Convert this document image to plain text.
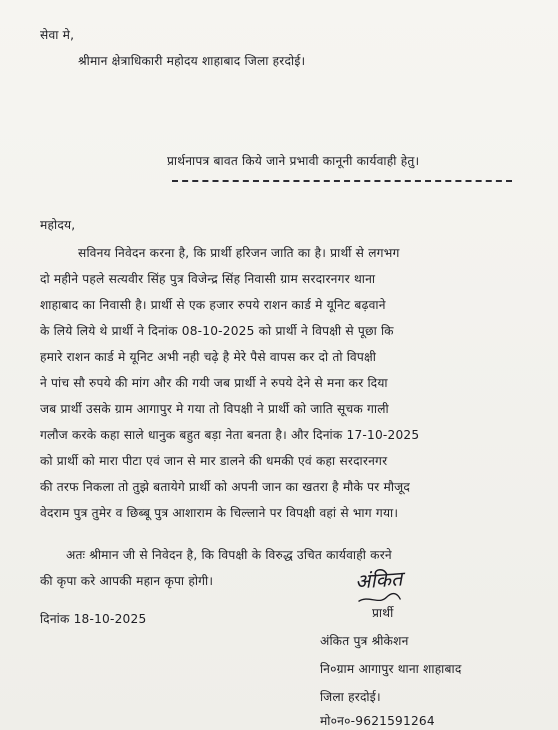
सेवा मे,
श्रीमान क्षेत्राधिकारी महोदय शाहाबाद जिला हरदोई।
प्रार्थनापत्र बावत किये जाने प्रभावी कानूनी कार्यवाही हेतु।
महोदय,
सविनय निवेदन करना है, कि प्रार्थी हरिजन जाति का है। प्रार्थी से लगभग
दो महीने पहले सत्यवीर सिंह पुत्र विजेन्द्र सिंह निवासी ग्राम सरदारनगर थाना
शाहाबाद का निवासी है। प्रार्थी से एक हजार रुपये राशन कार्ड मे यूनिट बढ़वाने
के लिये लिये थे प्रार्थी ने दिनांक 08-10-2025 को प्रार्थी ने विपक्षी से पूछा कि
हमारे राशन कार्ड मे यूनिट अभी नही चढ़े है मेरे पैसे वापस कर दो तो विपक्षी
ने पांच सौ रुपये की मांग और की गयी जब प्रार्थी ने रुपये देने से मना कर दिया
जब प्रार्थी उसके ग्राम आगापुर मे गया तो विपक्षी ने प्रार्थी को जाति सूचक गाली
गलौज करके कहा साले धानुक बहुत बड़ा नेता बनता है। और दिनांक 17-10-2025
को प्रार्थी को मारा पीटा एवं जान से मार डालने की धमकी एवं कहा सरदारनगर
की तरफ निकला तो तुझे बतायेगे प्रार्थी को अपनी जान का खतरा है मौके पर मौजूद
वेदराम पुत्र तुमेर व छिब्बू पुत्र आशाराम के चिल्लाने पर विपक्षी वहां से भाग गया।
अतः श्रीमान जी से निवेदन है, कि विपक्षी के विरुद्ध उचित कार्यवाही करने
की कृपा करे आपकी महान कृपा होगी।	अंकित
दिनांक 18-10-2025	प्रार्थी
अंकित पुत्र श्रीकेशन
नि०ग्राम आगापुर थाना शाहाबाद
जिला हरदोई।
मो०न०-9621591264
